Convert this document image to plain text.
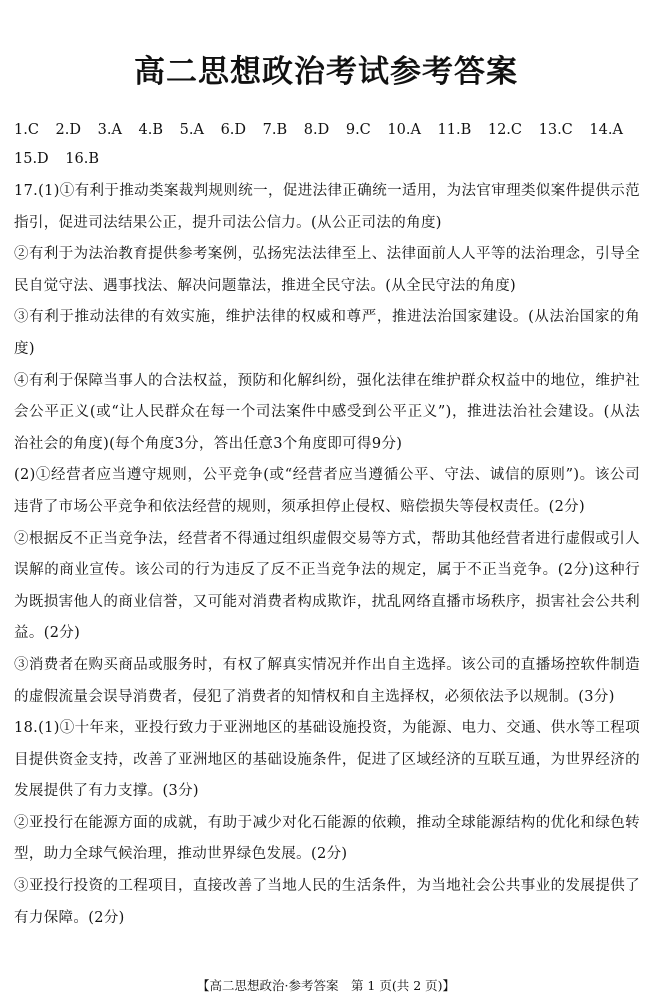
高二思想政治考试参考答案
1.C 2.D 3.A 4.B 5.A 6.D 7.B 8.D 9.C 10.A 11.B 12.C 13.C 14.A
15.D 16.B

17.(1)①有利于推动类案裁判规则统一，促进法律正确统一适用，为法官审理类似案件提供示范指引，促进司法结果公正，提升司法公信力。(从公正司法的角度)

②有利于为法治教育提供参考案例，弘扬宪法法律至上、法律面前人人平等的法治理念，引导全民自觉守法、遇事找法、解决问题靠法，推进全民守法。(从全民守法的角度)

③有利于推动法律的有效实施，维护法律的权威和尊严，推进法治国家建设。(从法治国家的角度)

④有利于保障当事人的合法权益，预防和化解纠纷，强化法律在维护群众权益中的地位，维护社会公平正义(或“让人民群众在每一个司法案件中感受到公平正义”)，推进法治社会建设。(从法治社会的角度)(每个角度3分，答出任意3个角度即可得9分)

(2)①经营者应当遵守规则，公平竞争(或“经营者应当遵循公平、守法、诚信的原则”)。该公司违背了市场公平竞争和依法经营的规则，须承担停止侵权、赔偿损失等侵权责任。(2分)

②根据反不正当竞争法，经营者不得通过组织虚假交易等方式，帮助其他经营者进行虚假或引人误解的商业宣传。该公司的行为违反了反不正当竞争法的规定，属于不正当竞争。(2分)这种行为既损害他人的商业信誉，又可能对消费者构成欺诈，扰乱网络直播市场秩序，损害社会公共利益。(2分)

③消费者在购买商品或服务时，有权了解真实情况并作出自主选择。该公司的直播场控软件制造的虚假流量会误导消费者，侵犯了消费者的知情权和自主选择权，必须依法予以规制。(3分)

18.(1)①十年来，亚投行致力于亚洲地区的基础设施投资，为能源、电力、交通、供水等工程项目提供资金支持，改善了亚洲地区的基础设施条件，促进了区域经济的互联互通，为世界经济的发展提供了有力支撑。(3分)

②亚投行在能源方面的成就，有助于减少对化石能源的依赖，推动全球能源结构的优化和绿色转型，助力全球气候治理，推动世界绿色发展。(2分)

③亚投行投资的工程项目，直接改善了当地人民的生活条件，为当地社会公共事业的发展提供了有力保障。(2分)

【高二思想政治·参考答案　第 1 页(共 2 页)】
